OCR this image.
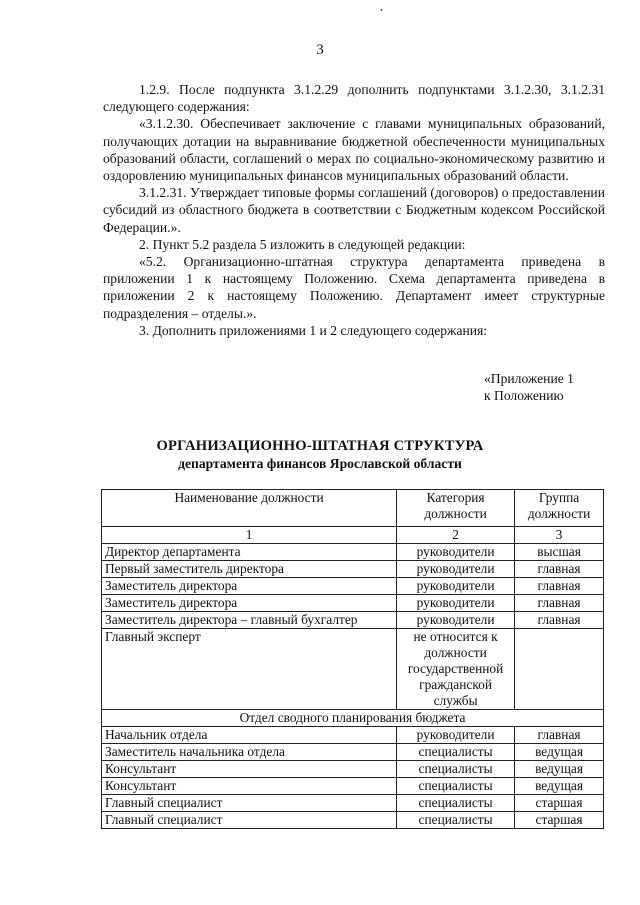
•
3

1.2.9. После подпункта 3.1.2.29 дополнить подпунктами 3.1.2.30, 3.1.2.31 следующего содержания:

«3.1.2.30. Обеспечивает заключение с главами муниципальных образований, получающих дотации на выравнивание бюджетной обеспеченности муниципальных образований области, соглашений о мерах по социально-экономическому развитию и оздоровлению муниципальных финансов муниципальных образований области.

3.1.2.31. Утверждает типовые формы соглашений (договоров) о предоставлении субсидий из областного бюджета в соответствии с Бюджетным кодексом Российской Федерации.».

2. Пункт 5.2 раздела 5 изложить в следующей редакции:

«5.2. Организационно-штатная структура департамента приведена в приложении 1 к настоящему Положению. Схема департамента приведена в приложении 2 к настоящему Положению. Департамент имеет структурные подразделения – отделы.».

3. Дополнить приложениями 1 и 2 следующего содержания:

«Приложение 1
к Положению
ОРГАНИЗАЦИОННО-ШТАТНАЯ СТРУКТУРА
департамента финансов Ярославской области
Наименование должности	Категория должности	Группа должности
1	2	3
Директор департамента	руководители	высшая
Первый заместитель директора	руководители	главная
Заместитель директора	руководители	главная
Заместитель директора	руководители	главная
Заместитель директора – главный бухгалтер	руководители	главная
Главный эксперт	не относится к должности государственной гражданской службы	
Отдел сводного планирования бюджета		
Начальник отдела	руководители	главная
Заместитель начальника отдела	специалисты	ведущая
Консультант	специалисты	ведущая
Консультант	специалисты	ведущая
Главный специалист	специалисты	старшая
Главный специалист	специалисты	старшая
